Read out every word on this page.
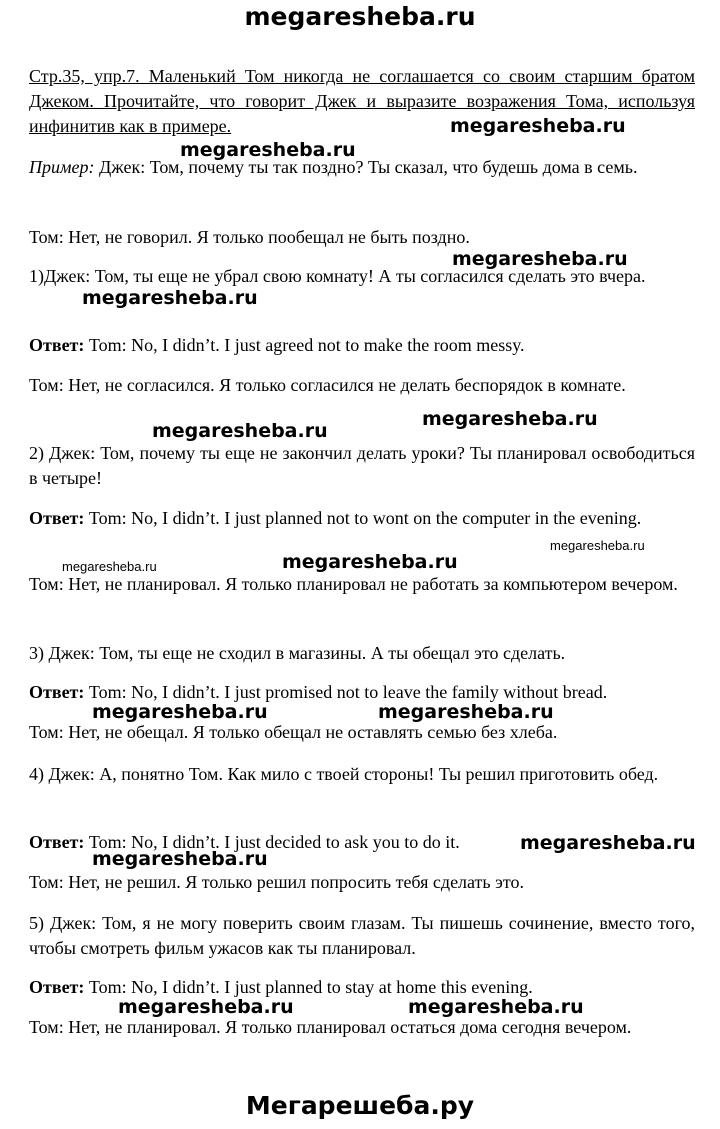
megaresheba.ru

Стр.35, упр.7. Маленький Том никогда не соглашается со своим старшим братом Джеком. Прочитайте, что говорит Джек и выразите возражения Тома, используя инфинитив как в примере.

Пример: Джек: Том, почему ты так поздно? Ты сказал, что будешь дома в семь.

Том: Нет, не говорил. Я только пообещал не быть поздно.

1)Джек: Том, ты еще не убрал свою комнату! А ты согласился сделать это вчера.

Ответ: Tom: No, I didn’t. I just agreed not to make the room messy.

Том: Нет, не согласился. Я только согласился не делать беспорядок в комнате.

2) Джек: Том, почему ты еще не закончил делать уроки? Ты планировал освободиться в четыре!

Ответ: Tom: No, I didn’t. I just planned not to wont on the computer in the evening.

Том: Нет, не планировал. Я только планировал не работать за компьютером вечером.

3) Джек: Том, ты еще не сходил в магазины. А ты обещал это сделать.

Ответ: Tom: No, I didn’t. I just promised not to leave the family without bread.

Том: Нет, не обещал. Я только обещал не оставлять семью без хлеба.

4) Джек: А, понятно Том. Как мило с твоей стороны! Ты решил приготовить обед.

Ответ: Tom: No, I didn’t. I just decided to ask you to do it.

Том: Нет, не решил. Я только решил попросить тебя сделать это.

5) Джек: Том, я не могу поверить своим глазам. Ты пишешь сочинение, вместо того, чтобы смотреть фильм ужасов как ты планировал.

Ответ: Tom: No, I didn’t. I just planned to stay at home this evening.

Том: Нет, не планировал. Я только планировал остаться дома сегодня вечером.

megaresheba.ru
megaresheba.ru
megaresheba.ru
megaresheba.ru
megaresheba.ru
megaresheba.ru
megaresheba.ru
megaresheba.ru
megaresheba.ru
megaresheba.ru	megaresheba.ru
megaresheba.ru
megaresheba.ru
megaresheba.ru	megaresheba.ru
Мегарешеба.ру
